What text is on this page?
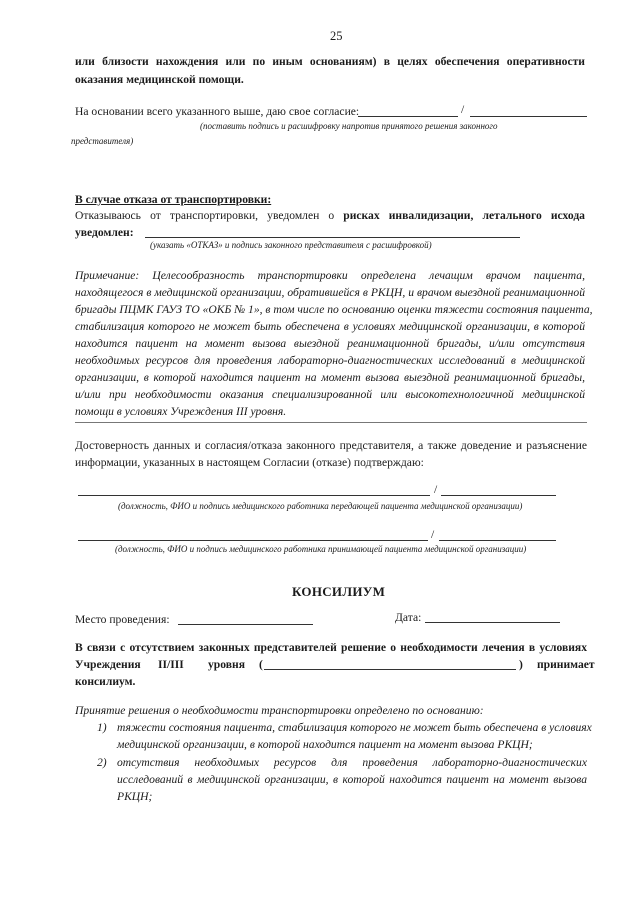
25
или близости нахождения или по иным основаниям) в целях обеспечения оперативности
оказания медицинской помощи.
На основании всего указанного выше, даю свое согласие:	/
(поставить подпись и расшифровку напротив принятого решения законного
представителя)
В случае отказа от транспортировки:
Отказываюсь от транспортировки, уведомлен о рисках инвалидизации, летального исхода
уведомлен:
(указать «ОТКАЗ» и подпись законного представителя с расшифровкой)
Примечание: Целесообразность транспортировки определена лечащим врачом пациента,
находящегося в медицинской организации, обратившейся в РКЦН, и врачом выездной реанимационной
бригады ПЦМК ГАУЗ ТО «ОКБ № 1», в том числе по основанию оценки тяжести состояния пациента,
стабилизация которого не может быть обеспечена в условиях медицинской организации, в которой
находится пациент на момент вызова выездной реанимационной бригады, и/или отсутствия
необходимых ресурсов для проведения лабораторно-диагностических исследований в медицинской
организации, в которой находится пациент на момент вызова выездной реанимационной бригады,
и/или при необходимости оказания специализированной или высокотехнологичной медицинской
помощи в условиях Учреждения III уровня.
Достоверность данных и согласия/отказа законного представителя, а также доведение и разъяснение
информации, указанных в настоящем Согласии (отказе) подтверждаю:
/
(должность, ФИО и подпись медицинского работника передающей пациента медицинской организации)
/
(должность, ФИО и подпись медицинского работника принимающей пациента медицинской организации)
КОНСИЛИУМ
Место проведения:	Дата:
В связи с отсутствием законных представителей решение о необходимости лечения в условиях
Учреждения II/III уровня (	) принимает
консилиум.
Принятие решения о необходимости транспортировки определено по основанию:
1) тяжести состояния пациента, стабилизация которого не может быть обеспечена в условиях
медицинской организации, в которой находится пациент на момент вызова РКЦН;
2) отсутствия необходимых ресурсов для проведения лабораторно-диагностических
исследований в медицинской организации, в которой находится пациент на момент вызова
РКЦН;
